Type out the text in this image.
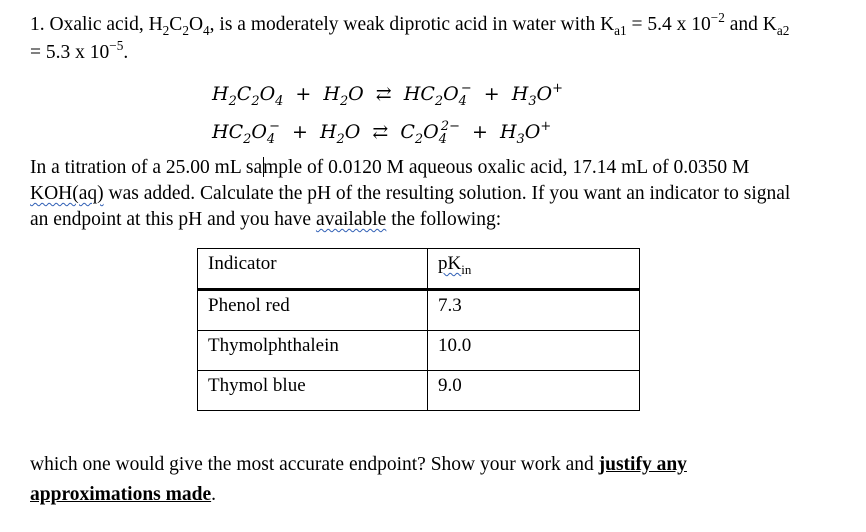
1. Oxalic acid, $H_2C_2O_4$, is a moderately weak diprotic acid in water with $K_{a1} = 5.4$ x $10^{-2}$ and $K_{a2}$
= 5.3 x $10^{-5}$.
$H_2C_2O_4 + H_2O$ ⇄ $HC_2O_4^- + H_3O^+$
$HC_2O_4^- + H_2O$ ⇄ $C_2O_4^{2-} + H_3O^+$
In a titration of a 25.00 mL sample of 0.0120 M aqueous oxalic acid, 17.14 mL of 0.0350 M
KOH(aq) was added. Calculate the pH of the resulting solution. If you want an indicator to signal
an endpoint at this pH and you have available the following:
Indicator	$pK_{in}$
Phenol red	7.3
Thymolphthalein	10.0
Thymol blue	9.0
which one would give the most accurate endpoint? Show your work and justify any approximations made.
